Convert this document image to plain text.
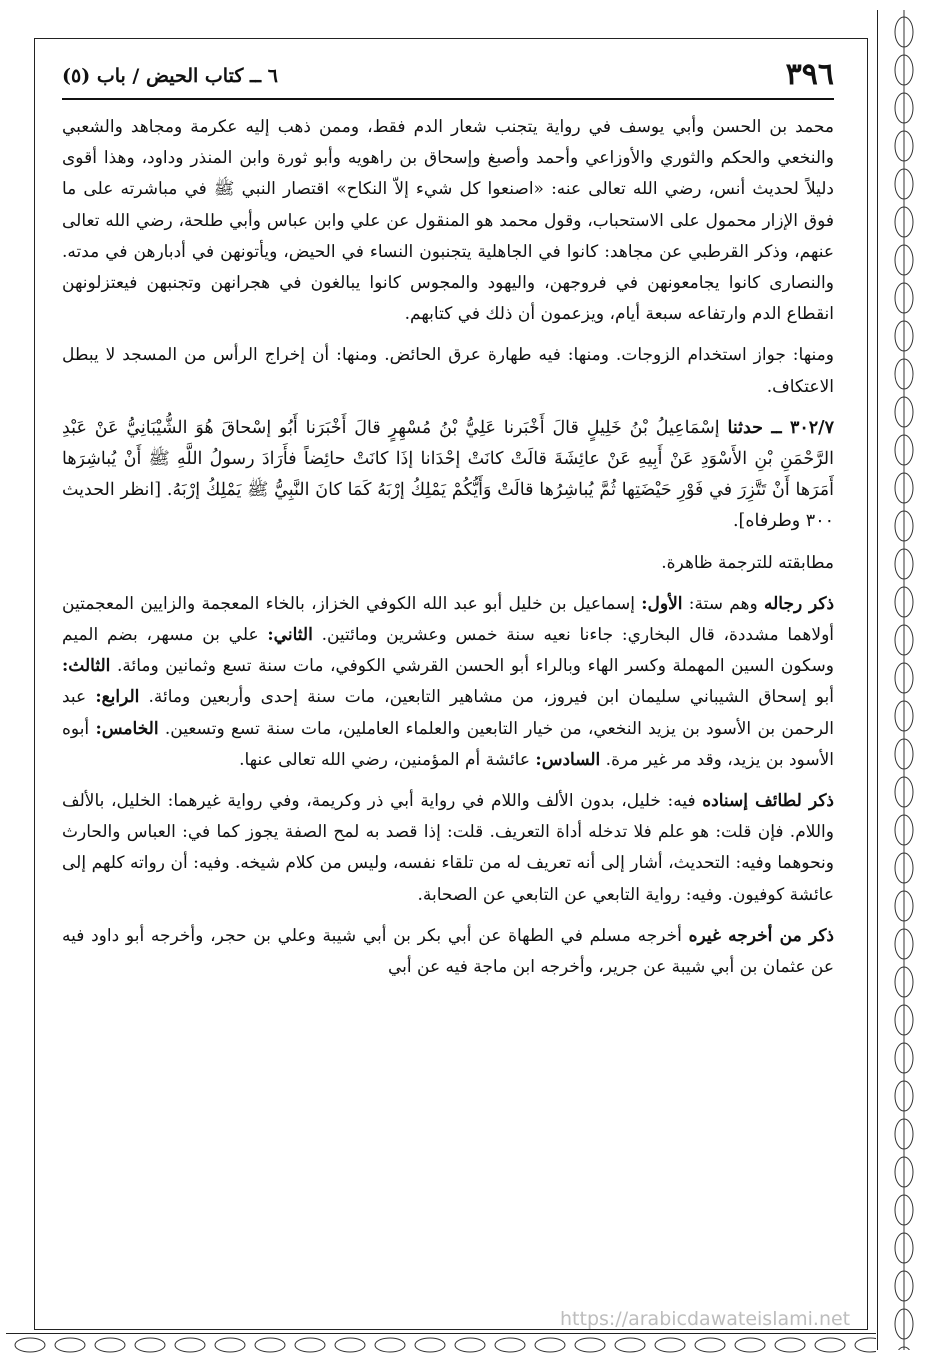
٣٩٦
٦ ــ كتاب الحيض / باب (٥)

محمد بن الحسن وأبي يوسف في رواية يتجنب شعار الدم فقط، وممن ذهب إليه عكرمة ومجاهد والشعبي والنخعي والحكم والثوري والأوزاعي وأحمد وأصبغ وإسحاق بن راهويه وأبو ثورة وابن المنذر وداود، وهذا أقوى دليلاً لحديث أنس، رضي الله تعالى عنه: «اصنعوا كل شيء إلاّ النكاح» اقتصار النبي ﷺ في مباشرته على ما فوق الإزار محمول على الاستحباب، وقول محمد هو المنقول عن علي وابن عباس وأبي طلحة، رضي الله تعالى عنهم، وذكر القرطبي عن مجاهد: كانوا في الجاهلية يتجنبون النساء في الحيض، ويأتونهن في أدبارهن في مدته. والنصارى كانوا يجامعونهن في فروجهن، واليهود والمجوس كانوا يبالغون في هجرانهن وتجنبهن فيعتزلونهن انقطاع الدم وارتفاعه سبعة أيام، ويزعمون أن ذلك في كتابهم.

ومنها: جواز استخدام الزوجات. ومنها: فيه طهارة عرق الحائض. ومنها: أن إخراج الرأس من المسجد لا يبطل الاعتكاف.

٣٠٢/٧ ــ حدثنا إسْمَاعِيلُ بْنُ خَلِيلٍ قالَ أَخْبَرنا عَلِيُّ بْنُ مُسْهِرٍ قالَ أَخْبَرَنا أَبُو إسْحاقَ هُوَ الشُّيْبَانِيُّ عَنْ عَبْدِ الرَّحْمَنِ بْنِ الأَسْوَدِ عَنْ أَبِيهِ عَنْ عائِشَةَ قالَتْ كانَتْ إحْدَانا إذَا كانَتْ حائِضاً فأَرَادَ رسولُ اللَّهِ ﷺ أَنْ يُباشِرَها أَمَرَها أَنْ تَتَّزِرَ في فَوْرِ حَيْضَتِها ثُمَّ يُباشِرُها قالَتْ وَأَيُّكُمْ يَمْلِكُ إرْبَهُ كَمَا كانَ النَّبِيُّ ﷺ يَمْلِكُ إرْبَهُ. [انظر الحديث ٣٠٠ وطرفاه].

مطابقته للترجمة ظاهرة.

ذكر رجاله وهم ستة: الأول: إسماعيل بن خليل أبو عبد الله الكوفي الخزاز، بالخاء المعجمة والزايين المعجمتين أولاهما مشددة، قال البخاري: جاءنا نعيه سنة خمس وعشرين ومائتين. الثاني: علي بن مسهر، بضم الميم وسكون السين المهملة وكسر الهاء وبالراء أبو الحسن القرشي الكوفي، مات سنة تسع وثمانين ومائة. الثالث: أبو إسحاق الشيباني سليمان ابن فيروز، من مشاهير التابعين، مات سنة إحدى وأربعين ومائة. الرابع: عبد الرحمن بن الأسود بن يزيد النخعي، من خيار التابعين والعلماء العاملين، مات سنة تسع وتسعين. الخامس: أبوه الأسود بن يزيد، وقد مر غير مرة. السادس: عائشة أم المؤمنين، رضي الله تعالى عنها.

ذكر لطائف إسناده فيه: خليل، بدون الألف واللام في رواية أبي ذر وكريمة، وفي رواية غيرهما: الخليل، بالألف واللام. فإن قلت: هو علم فلا تدخله أداة التعريف. قلت: إذا قصد به لمح الصفة يجوز كما في: العباس والحارث ونحوهما وفيه: التحديث، أشار إلى أنه تعريف له من تلقاء نفسه، وليس من كلام شيخه. وفيه: أن رواته كلهم إلى عائشة كوفيون. وفيه: رواية التابعي عن التابعي عن الصحابة.

ذكر من أخرجه غيره أخرجه مسلم في الطهاة عن أبي بكر بن أبي شيبة وعلي بن حجر، وأخرجه أبو داود فيه عن عثمان بن أبي شيبة عن جرير، وأخرجه ابن ماجة فيه عن أبي

https://arabicdawateislami.net
